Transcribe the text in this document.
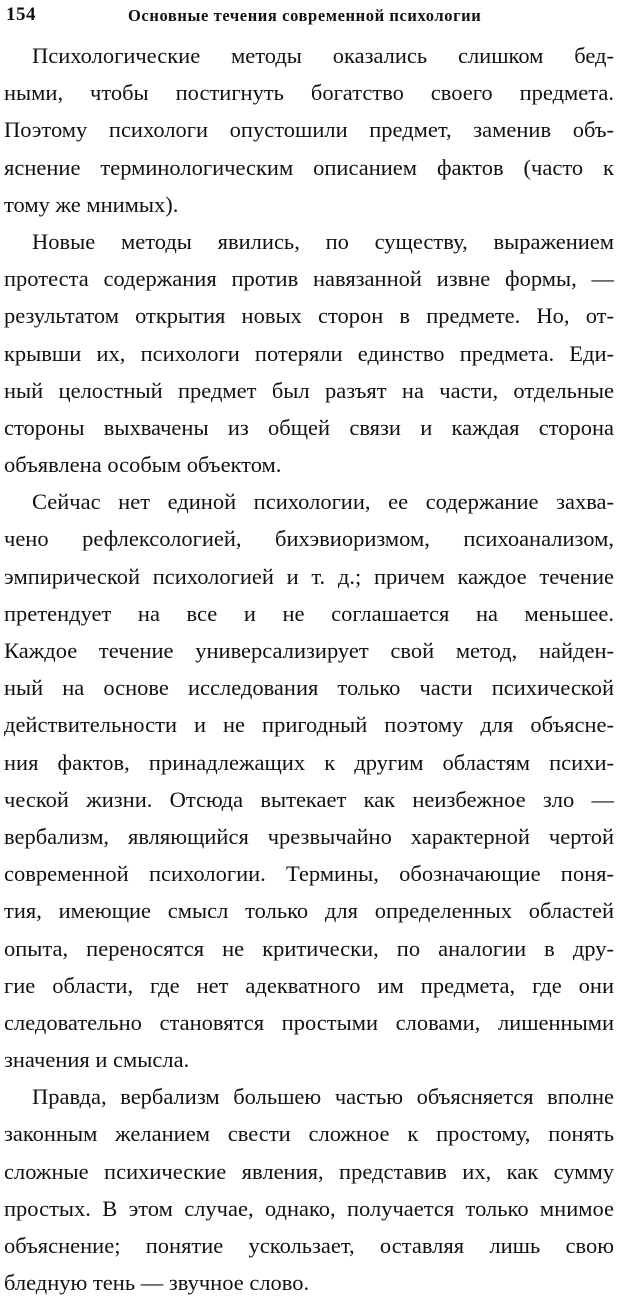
154	Основные течения современной психологии
Психологические методы оказались слишком бед-
ными, чтобы постигнуть богатство своего предмета.
Поэтому психологи опустошили предмет, заменив объ-
яснение терминологическим описанием фактов (часто к
тому же мнимых).
Новые методы явились, по существу, выражением
протеста содержания против навязанной извне формы, —
результатом открытия новых сторон в предмете. Но, от-
крывши их, психологи потеряли единство предмета. Еди-
ный целостный предмет был разъят на части, отдельные
стороны выхвачены из общей связи и каждая сторона
объявлена особым объектом.
Сейчас нет единой психологии, ее содержание захва-
чено рефлексологией, бихэвиоризмом, психоанализом,
эмпирической психологией и т. д.; причем каждое течение
претендует на все и не соглашается на меньшее.
Каждое течение универсализирует свой метод, найден-
ный на основе исследования только части психической
действительности и не пригодный поэтому для объясне-
ния фактов, принадлежащих к другим областям психи-
ческой жизни. Отсюда вытекает как неизбежное зло —
вербализм, являющийся чрезвычайно характерной чертой
современной психологии. Термины, обозначающие поня-
тия, имеющие смысл только для определенных областей
опыта, переносятся не критически, по аналогии в дру-
гие области, где нет адекватного им предмета, где они
следовательно становятся простыми словами, лишенными
значения и смысла.
Правда, вербализм большею частью объясняется вполне
законным желанием свести сложное к простому, понять
сложные психические явления, представив их, как сумму
простых. В этом случае, однако, получается только мнимое
объяснение; понятие ускользает, оставляя лишь свою
бледную тень — звучное слово.
